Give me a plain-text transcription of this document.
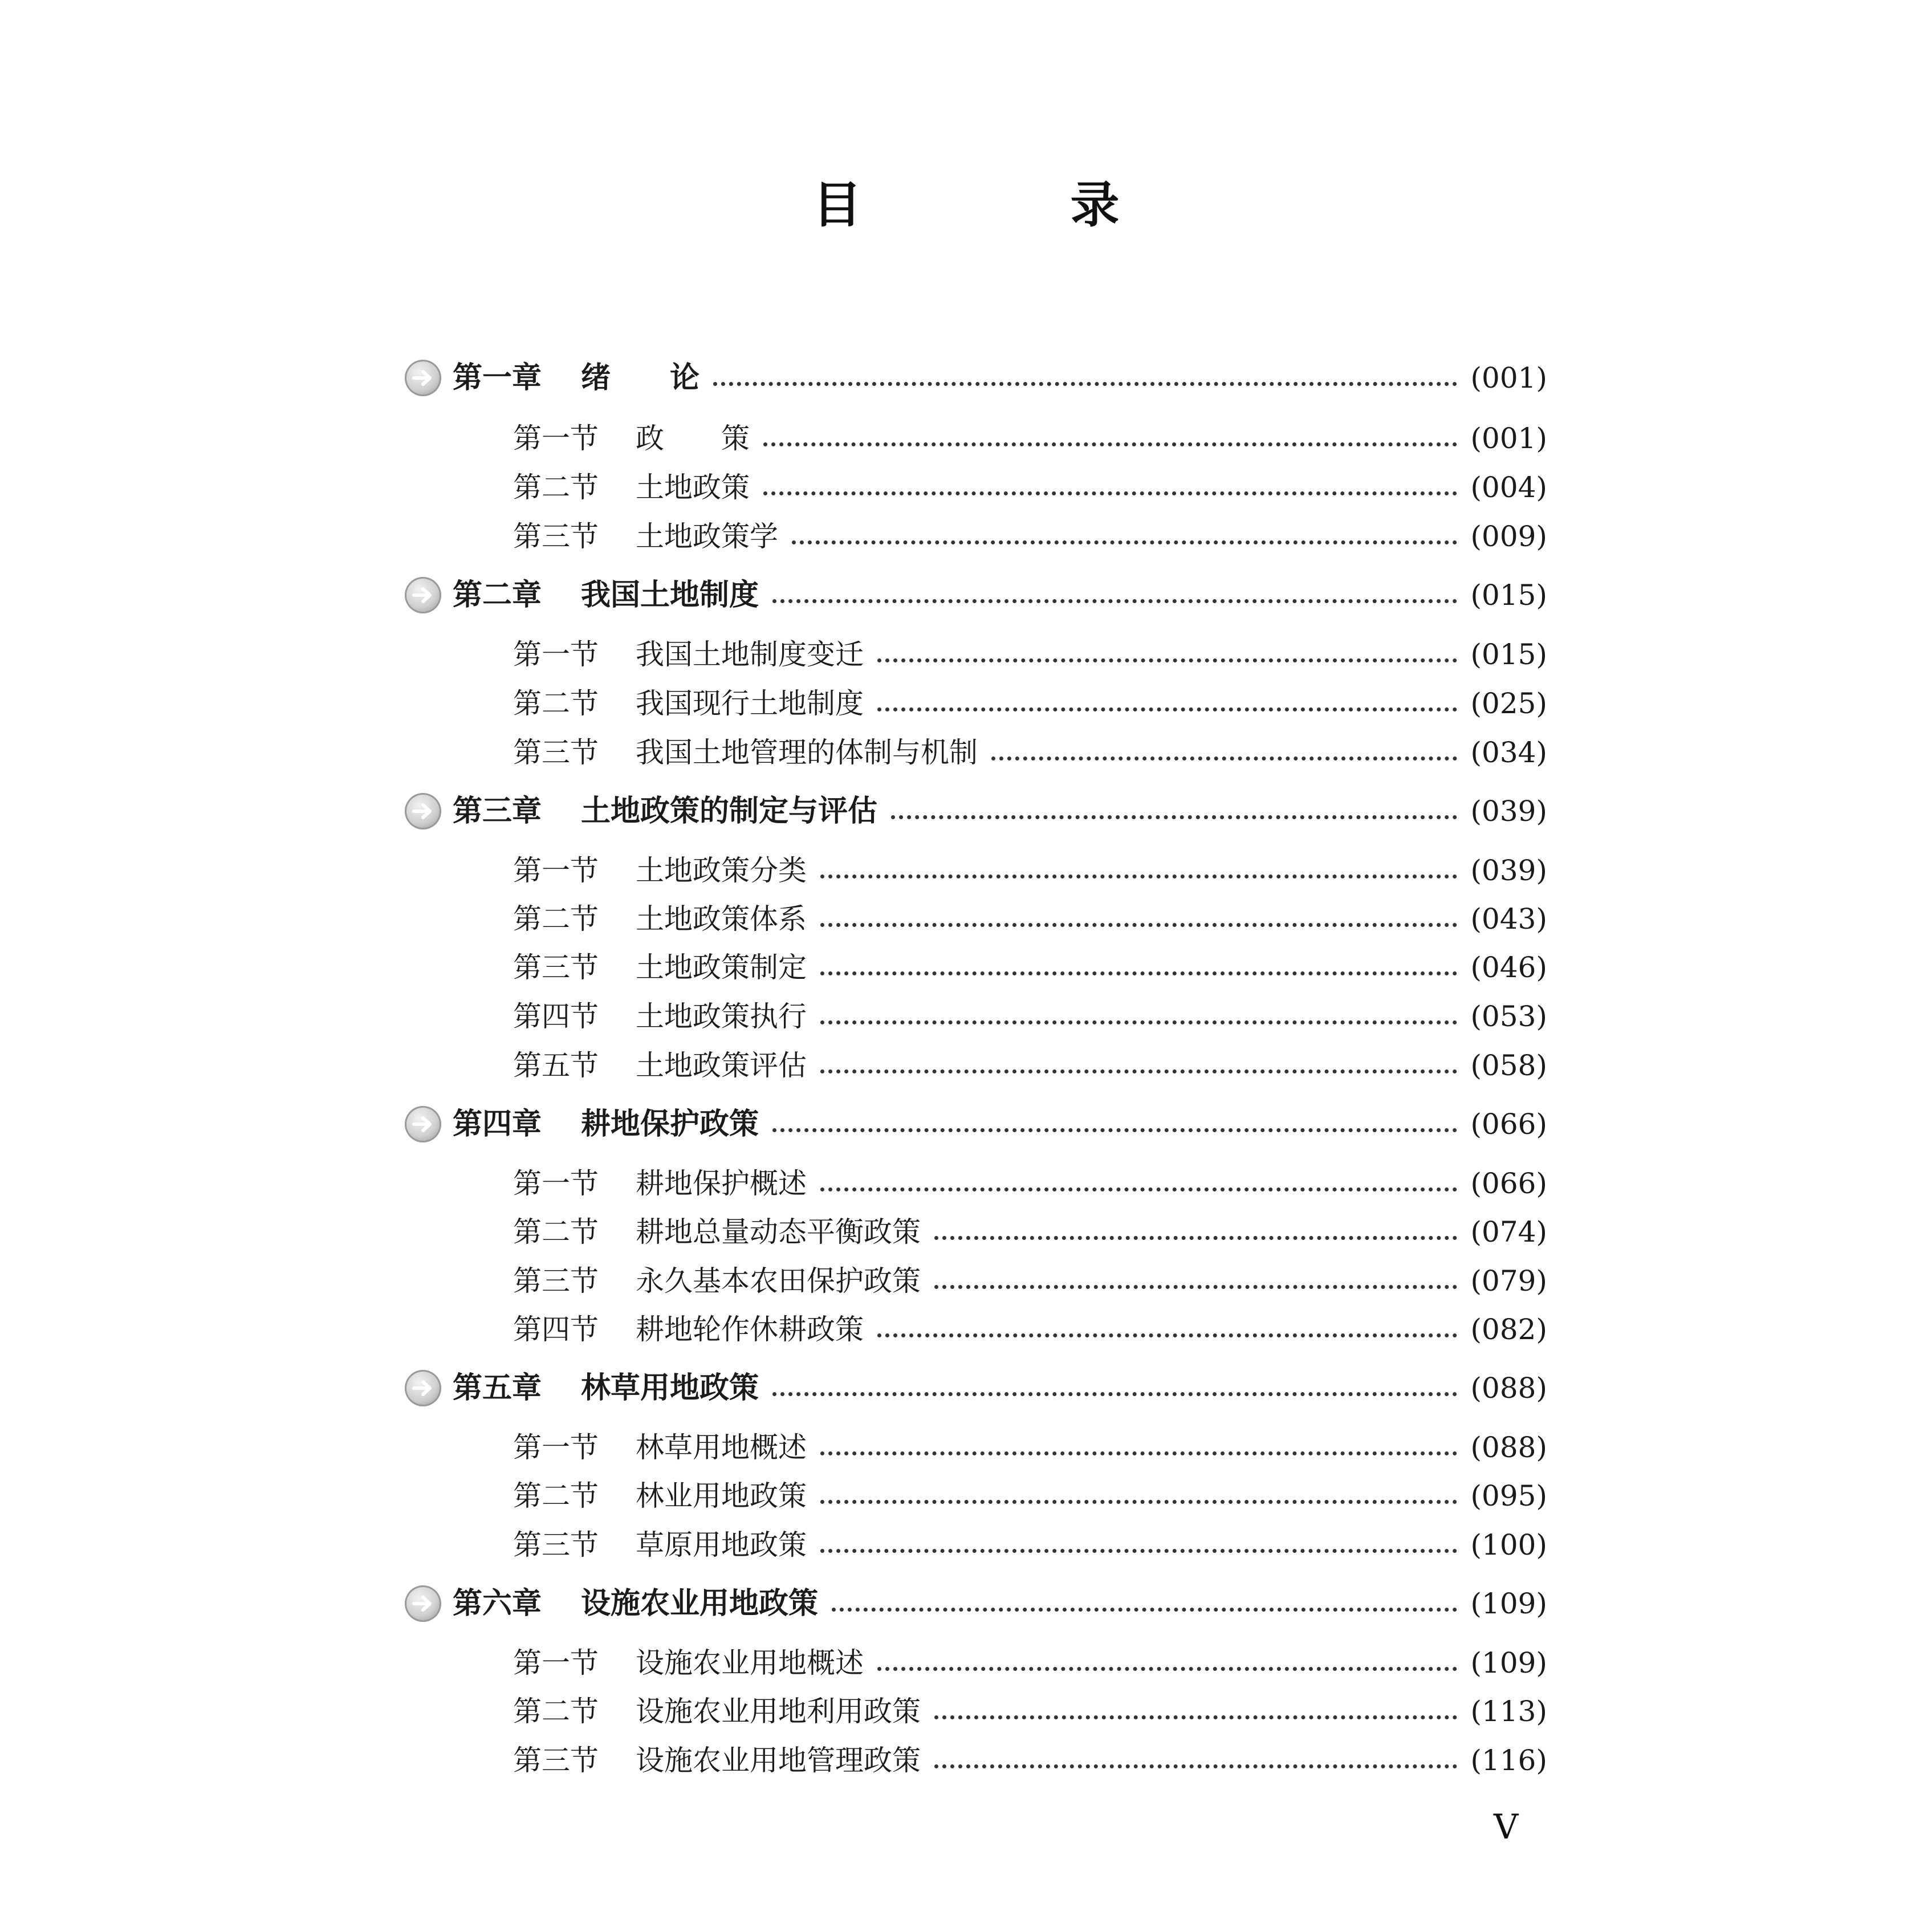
目　录
第一章	绪　　论	(001)
第一节	政　　策	(001)
第二节	土地政策	(004)
第三节	土地政策学	(009)
第二章	我国土地制度	(015)
第一节	我国土地制度变迁	(015)
第二节	我国现行土地制度	(025)
第三节	我国土地管理的体制与机制	(034)
第三章	土地政策的制定与评估	(039)
第一节	土地政策分类	(039)
第二节	土地政策体系	(043)
第三节	土地政策制定	(046)
第四节	土地政策执行	(053)
第五节	土地政策评估	(058)
第四章	耕地保护政策	(066)
第一节	耕地保护概述	(066)
第二节	耕地总量动态平衡政策	(074)
第三节	永久基本农田保护政策	(079)
第四节	耕地轮作休耕政策	(082)
第五章	林草用地政策	(088)
第一节	林草用地概述	(088)
第二节	林业用地政策	(095)
第三节	草原用地政策	(100)
第六章	设施农业用地政策	(109)
第一节	设施农业用地概述	(109)
第二节	设施农业用地利用政策	(113)
第三节	设施农业用地管理政策	(116)
V
